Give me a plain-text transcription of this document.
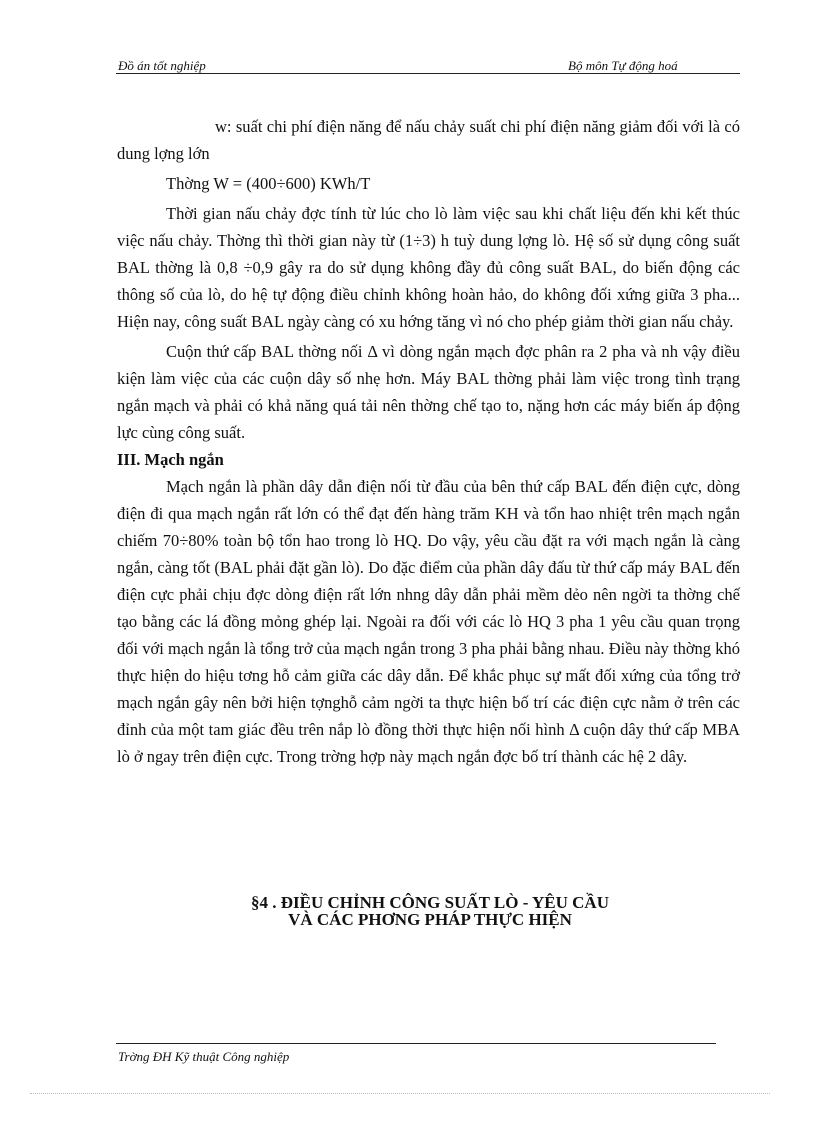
Đồ án tốt nghiệp	Bộ môn Tự động hoá

w: suất chi phí điện năng để nấu chảy suất chi phí điện năng giảm đối với là có dung lợng lớn

Thờng W = (400÷600) KWh/T

Thời gian nấu chảy đợc tính từ lúc cho lò làm việc sau khi chất liệu đến khi kết thúc việc nấu chảy. Thờng thì thời gian này từ (1÷3) h tuỳ dung lợng lò. Hệ số sử dụng công suất BAL thờng là 0,8 ÷0,9 gây ra do sử dụng không đầy đủ công suất BAL, do biến động các thông số của lò, do hệ tự động điều chỉnh không hoàn hảo, do không đối xứng giữa 3 pha... Hiện nay, công suất BAL ngày càng có xu hớng tăng vì nó cho phép giảm thời gian nấu chảy.

Cuộn thứ cấp BAL thờng nối Δ vì dòng ngắn mạch đợc phân ra 2 pha và nh vậy điều kiện làm việc của các cuộn dây số nhẹ hơn. Máy BAL thờng phải làm việc trong tình trạng ngắn mạch và phải có khả năng quá tải nên thờng chế tạo to, nặng hơn các máy biến áp động lực cùng công suất.

III. Mạch ngắn

Mạch ngắn là phần dây dẫn điện nối từ đầu của bên thứ cấp BAL đến điện cực, dòng điện đi qua mạch ngắn rất lớn có thể đạt đến hàng trăm KH và tổn hao nhiệt trên mạch ngắn chiếm 70÷80% toàn bộ tổn hao trong lò HQ. Do vậy, yêu cầu đặt ra với mạch ngắn là càng ngắn, càng tốt (BAL phải đặt gần lò). Do đặc điểm của phần dây đấu từ thứ cấp máy BAL đến điện cực phải chịu đợc dòng điện rất lớn nhng dây dẫn phải mềm dẻo nên ngời ta thờng chế tạo bằng các lá đồng mỏng ghép lại. Ngoài ra đối với các lò HQ 3 pha 1 yêu cầu quan trọng đối với mạch ngắn là tổng trở của mạch ngắn trong 3 pha phải bằng nhau. Điều này thờng khó thực hiện do hiệu tơng hỗ cảm giữa các dây dẫn. Để khắc phục sự mất đối xứng của tổng trở mạch ngắn gây nên bởi hiện tợnghỗ cảm ngời ta thực hiện bố trí các điện cực nằm ở trên các đỉnh của một tam giác đều trên nắp lò đồng thời thực hiện nối hình Δ cuộn dây thứ cấp MBA lò ở ngay trên điện cực. Trong trờng hợp này mạch ngắn đợc bố trí thành các hệ 2 dây.

§4 . ĐIỀU CHỈNH CÔNG SUẤT LÒ - YÊU CẦU
VÀ CÁC PHƠNG PHÁP THỰC HIỆN
Trờng ĐH Kỹ thuật Công nghiệp
